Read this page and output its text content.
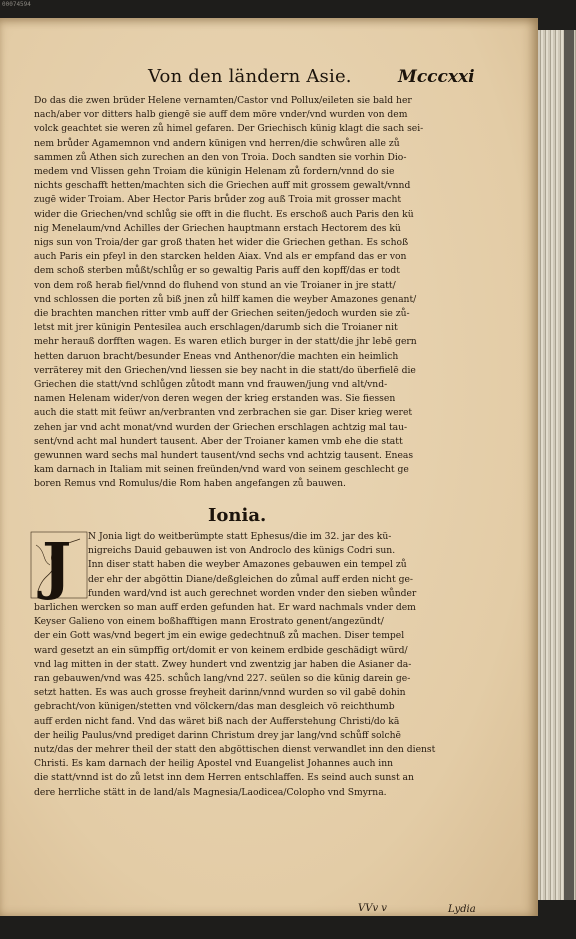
00074594
Von den ländern Asie.	Mcccxxi
Do das die zwen brüder Helene vernamten/Castor vnd Pollux/eileten sie bald her
nach/aber vor ditters halb giengē sie auff dem möre vnder/vnd wurden von dem
volck geachtet sie weren zů himel gefaren. Der Griechisch künig klagt die sach sei-
nem brůder Agamemnon vnd andern künigen vnd herren/die schwůren alle zů
sammen zů Athen sich zurechen an den von Troia. Doch sandten sie vorhin Dio-
medem vnd Vlissen gehn Troiam die künigin Helenam zů fordern/vnnd do sie
nichts geschafft hetten/machten sich die Griechen auff mit grossem gewalt/vnnd
zugē wider Troiam. Aber Hector Paris brůder zog auß Troia mit grosser macht
wider die Griechen/vnd schlůg sie offt in die flucht. Es erschoß auch Paris den kü
nig Menelaum/vnd Achilles der Griechen hauptmann erstach Hectorem des kü
nigs sun von Troia/der gar groß thaten het wider die Griechen gethan. Es schoß
auch Paris ein pfeyl in den starcken helden Aiax. Vnd als er empfand das er von
dem schoß sterben můßt/schlůg er so gewaltig Paris auff den kopff/das er todt
von dem roß herab fiel/vnnd do fluhend von stund an vie Troianer in jre statt/
vnd schlossen die porten zů biß jnen zů hilff kamen die weyber Amazones genant/
die brachten manchen ritter vmb auff der Griechen seiten/jedoch wurden sie zů-
letst mit jrer künigin Pentesilea auch erschlagen/darumb sich die Troianer nit
mehr herauß dorfften wagen. Es waren etlich burger in der statt/die jhr lebē gern
hetten daruon bracht/besunder Eneas vnd Anthenor/die machten ein heimlich
verräterey mit den Griechen/vnd liessen sie bey nacht in die statt/do überfielē die
Griechen die statt/vnd schlůgen zůtodt mann vnd frauwen/jung vnd alt/vnd-
namen Helenam wider/von deren wegen der krieg erstanden was. Sie fiessen
auch die statt mit feüwr an/verbranten vnd zerbrachen sie gar. Diser krieg weret
zehen jar vnd acht monat/vnd wurden der Griechen erschlagen achtzig mal tau-
sent/vnd acht mal hundert tausent. Aber der Troianer kamen vmb ehe die statt
gewunnen ward sechs mal hundert tausent/vnd sechs vnd achtzig tausent. Eneas
kam darnach in Italiam mit seinen freünden/vnd ward von seinem geschlecht ge
boren Remus vnd Romulus/die Rom haben angefangen zů bauwen.
Ionia.
J	N Jonia ligt do weitberümpte statt Ephesus/die im 32. jar des kü-
nigreichs Dauid gebauwen ist von Androclo des künigs Codri sun.
Inn diser statt haben die weyber Amazones gebauwen ein tempel zů
der ehr der abgöttin Diane/deßgleichen do zůmal auff erden nicht ge-
funden ward/vnd ist auch gerechnet worden vnder den sieben wůnder
barlichen wercken so man auff erden gefunden hat. Er ward nachmals vnder dem
Keyser Galieno von einem boßhafftigen mann Erostrato genent/angezündt/
der ein Gott was/vnd begert jm ein ewige gedechtnuß zů machen. Diser tempel
ward gesetzt an ein sümpffig ort/domit er von keinem erdbide geschädigt würd/
vnd lag mitten in der statt. Zwey hundert vnd zwentzig jar haben die Asianer da-
ran gebauwen/vnd was 425. schůch lang/vnd 227. seülen so die künig darein ge-
setzt hatten. Es was auch grosse freyheit darinn/vnnd wurden so vil gabē dohin
gebracht/von künigen/stetten vnd völckern/das man desgleich vö reichthumb
auff erden nicht fand. Vnd das wäret biß nach der Aufferstehung Christi/do kā
der heilig Paulus/vnd prediget darinn Christum drey jar lang/vnd schůff solchē
nutz/das der mehrer theil der statt den abgöttischen dienst verwandlet inn den dienst
Christi. Es kam darnach der heilig Apostel vnd Euangelist Johannes auch inn
die statt/vnnd ist do zů letst inn dem Herren entschlaffen. Es seind auch sunst an
dere herrliche stätt in de land/als Magnesia/Laodicea/Colopho vnd Smyrna.
VVv v	Lydia
